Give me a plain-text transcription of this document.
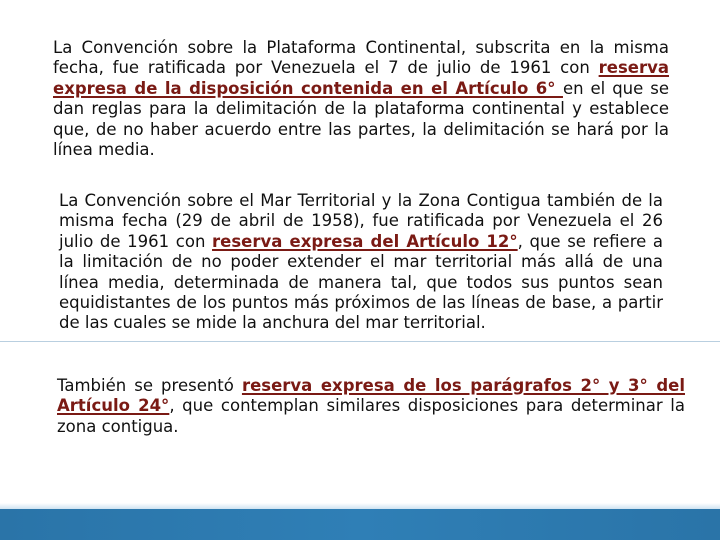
La Convención sobre la Plataforma Continental, subscrita en la misma fecha, fue ratificada por Venezuela el 7 de julio de 1961 con reserva expresa de la disposición contenida en el Artículo 6° en el que se dan reglas para la delimitación de la plataforma continental y establece que, de no haber acuerdo entre las partes, la delimitación se hará por la línea media.

La Convención sobre el Mar Territorial y la Zona Contigua también de la misma fecha (29 de abril de 1958), fue ratificada por Venezuela el 26 julio de 1961 con reserva expresa del Artículo 12°, que se refiere a la limitación de no poder extender el mar territorial más allá de una línea media, determinada de manera tal, que todos sus puntos sean equidistantes de los puntos más próximos de las líneas de base, a partir de las cuales se mide la anchura del mar territorial.

También se presentó reserva expresa de los parágrafos 2° y 3° del Artículo 24°, que contemplan similares disposiciones para determinar la zona contigua.
